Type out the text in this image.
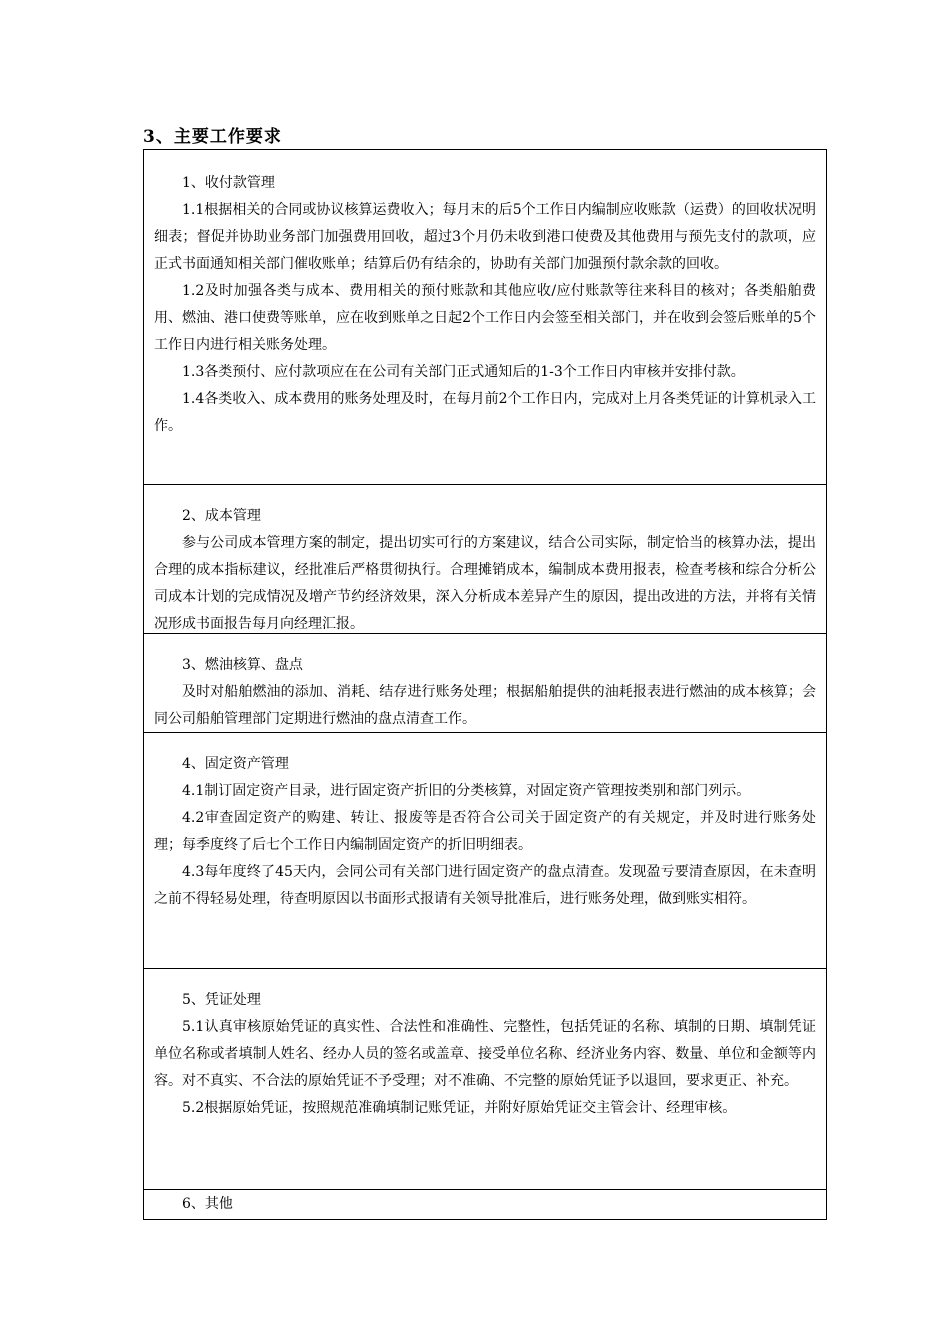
3、主要工作要求

1、收付款管理

1.1根据相关的合同或协议核算运费收入；每月末的后5个工作日内编制应收账款（运费）的回收状况明细表；督促并协助业务部门加强费用回收，超过3个月仍未收到港口使费及其他费用与预先支付的款项，应正式书面通知相关部门催收账单；结算后仍有结余的，协助有关部门加强预付款余款的回收。

1.2及时加强各类与成本、费用相关的预付账款和其他应收/应付账款等往来科目的核对；各类船舶费用、燃油、港口使费等账单，应在收到账单之日起2个工作日内会签至相关部门，并在收到会签后账单的5个工作日内进行相关账务处理。

1.3各类预付、应付款项应在在公司有关部门正式通知后的1-3个工作日内审核并安排付款。

1.4各类收入、成本费用的账务处理及时，在每月前2个工作日内，完成对上月各类凭证的计算机录入工作。

2、成本管理

参与公司成本管理方案的制定，提出切实可行的方案建议，结合公司实际，制定恰当的核算办法，提出合理的成本指标建议，经批准后严格贯彻执行。合理摊销成本，编制成本费用报表，检查考核和综合分析公司成本计划的完成情况及增产节约经济效果，深入分析成本差异产生的原因，提出改进的方法，并将有关情况形成书面报告每月向经理汇报。

3、燃油核算、盘点

及时对船舶燃油的添加、消耗、结存进行账务处理；根据船舶提供的油耗报表进行燃油的成本核算；会同公司船舶管理部门定期进行燃油的盘点清查工作。

4、固定资产管理

4.1制订固定资产目录，进行固定资产折旧的分类核算，对固定资产管理按类别和部门列示。

4.2审查固定资产的购建、转让、报废等是否符合公司关于固定资产的有关规定，并及时进行账务处理；每季度终了后七个工作日内编制固定资产的折旧明细表。

4.3每年度终了45天内，会同公司有关部门进行固定资产的盘点清查。发现盈亏要清查原因，在未查明之前不得轻易处理，待查明原因以书面形式报请有关领导批准后，进行账务处理，做到账实相符。

5、凭证处理

5.1认真审核原始凭证的真实性、合法性和准确性、完整性，包括凭证的名称、填制的日期、填制凭证单位名称或者填制人姓名、经办人员的签名或盖章、接受单位名称、经济业务内容、数量、单位和金额等内容。对不真实、不合法的原始凭证不予受理；对不准确、不完整的原始凭证予以退回，要求更正、补充。

5.2根据原始凭证，按照规范准确填制记账凭证，并附好原始凭证交主管会计、经理审核。

6、其他
